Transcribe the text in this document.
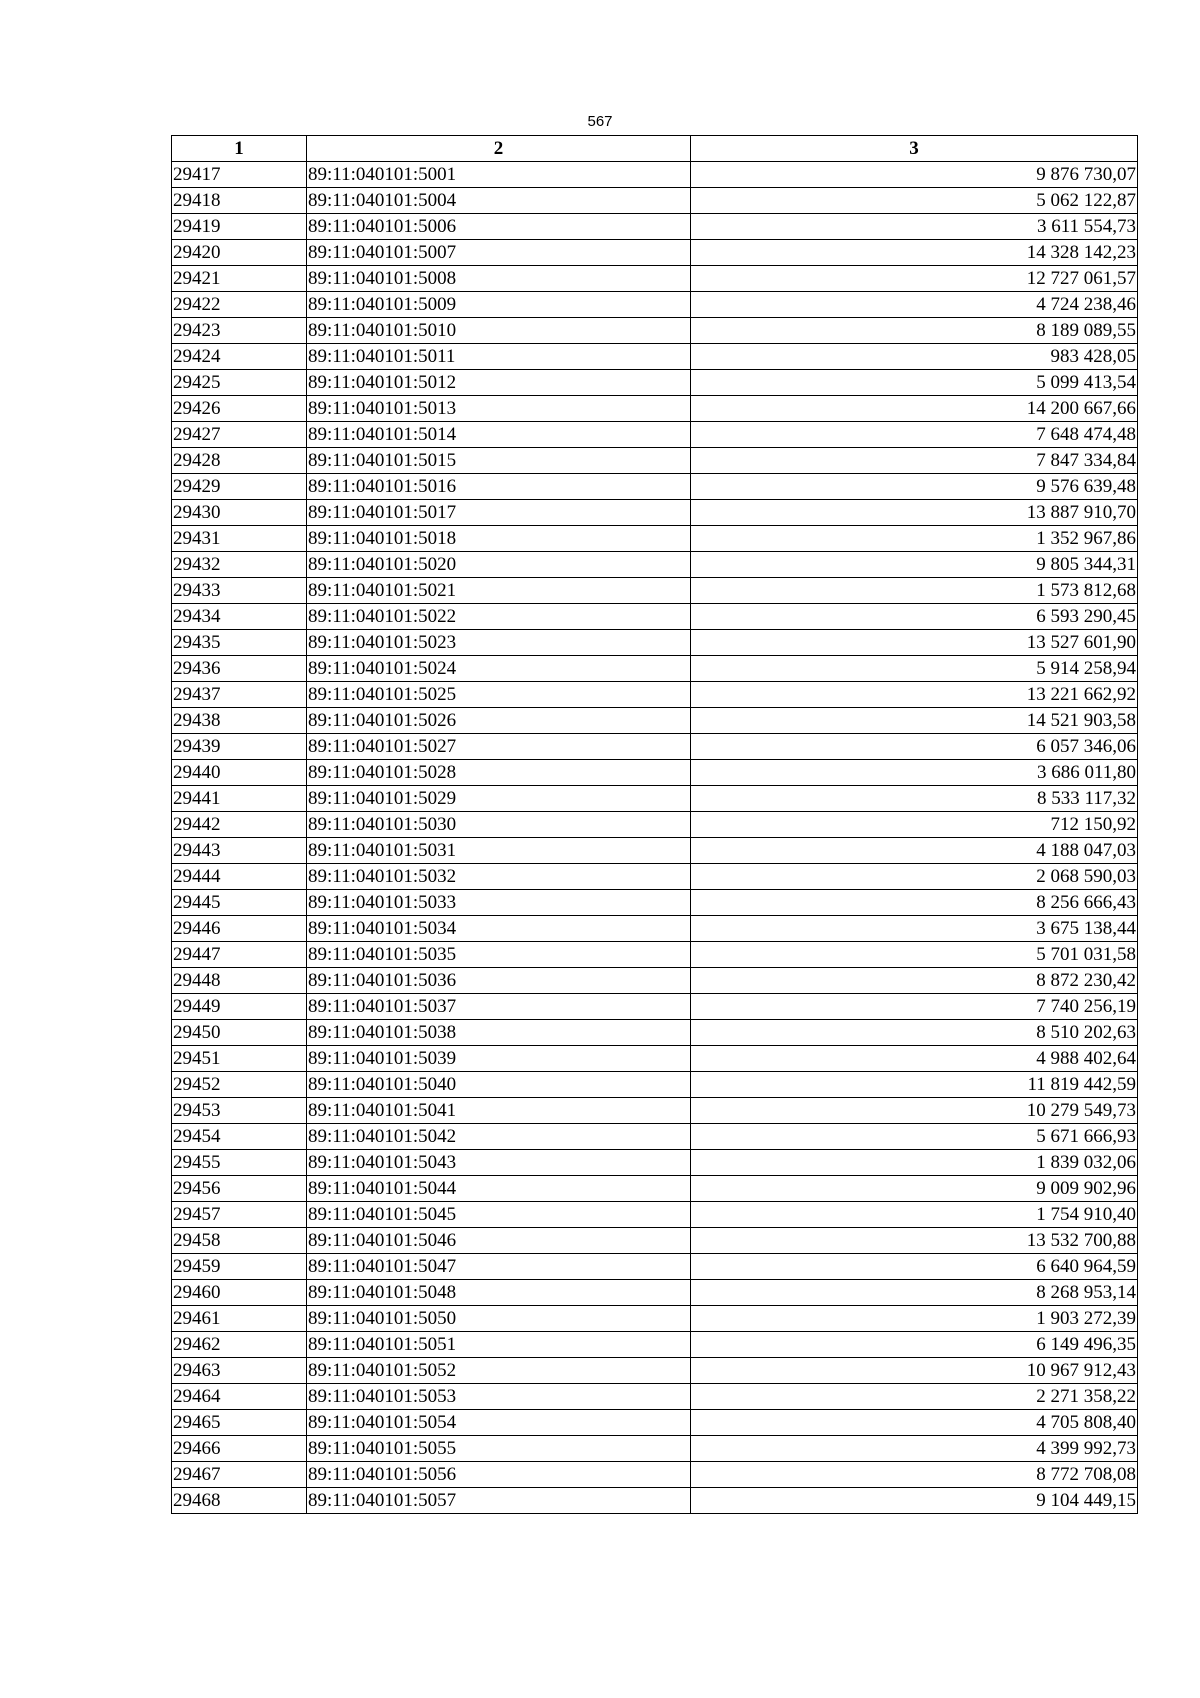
567
1	2	3
29417	89:11:040101:5001	9 876 730,07
29418	89:11:040101:5004	5 062 122,87
29419	89:11:040101:5006	3 611 554,73
29420	89:11:040101:5007	14 328 142,23
29421	89:11:040101:5008	12 727 061,57
29422	89:11:040101:5009	4 724 238,46
29423	89:11:040101:5010	8 189 089,55
29424	89:11:040101:5011	983 428,05
29425	89:11:040101:5012	5 099 413,54
29426	89:11:040101:5013	14 200 667,66
29427	89:11:040101:5014	7 648 474,48
29428	89:11:040101:5015	7 847 334,84
29429	89:11:040101:5016	9 576 639,48
29430	89:11:040101:5017	13 887 910,70
29431	89:11:040101:5018	1 352 967,86
29432	89:11:040101:5020	9 805 344,31
29433	89:11:040101:5021	1 573 812,68
29434	89:11:040101:5022	6 593 290,45
29435	89:11:040101:5023	13 527 601,90
29436	89:11:040101:5024	5 914 258,94
29437	89:11:040101:5025	13 221 662,92
29438	89:11:040101:5026	14 521 903,58
29439	89:11:040101:5027	6 057 346,06
29440	89:11:040101:5028	3 686 011,80
29441	89:11:040101:5029	8 533 117,32
29442	89:11:040101:5030	712 150,92
29443	89:11:040101:5031	4 188 047,03
29444	89:11:040101:5032	2 068 590,03
29445	89:11:040101:5033	8 256 666,43
29446	89:11:040101:5034	3 675 138,44
29447	89:11:040101:5035	5 701 031,58
29448	89:11:040101:5036	8 872 230,42
29449	89:11:040101:5037	7 740 256,19
29450	89:11:040101:5038	8 510 202,63
29451	89:11:040101:5039	4 988 402,64
29452	89:11:040101:5040	11 819 442,59
29453	89:11:040101:5041	10 279 549,73
29454	89:11:040101:5042	5 671 666,93
29455	89:11:040101:5043	1 839 032,06
29456	89:11:040101:5044	9 009 902,96
29457	89:11:040101:5045	1 754 910,40
29458	89:11:040101:5046	13 532 700,88
29459	89:11:040101:5047	6 640 964,59
29460	89:11:040101:5048	8 268 953,14
29461	89:11:040101:5050	1 903 272,39
29462	89:11:040101:5051	6 149 496,35
29463	89:11:040101:5052	10 967 912,43
29464	89:11:040101:5053	2 271 358,22
29465	89:11:040101:5054	4 705 808,40
29466	89:11:040101:5055	4 399 992,73
29467	89:11:040101:5056	8 772 708,08
29468	89:11:040101:5057	9 104 449,15
